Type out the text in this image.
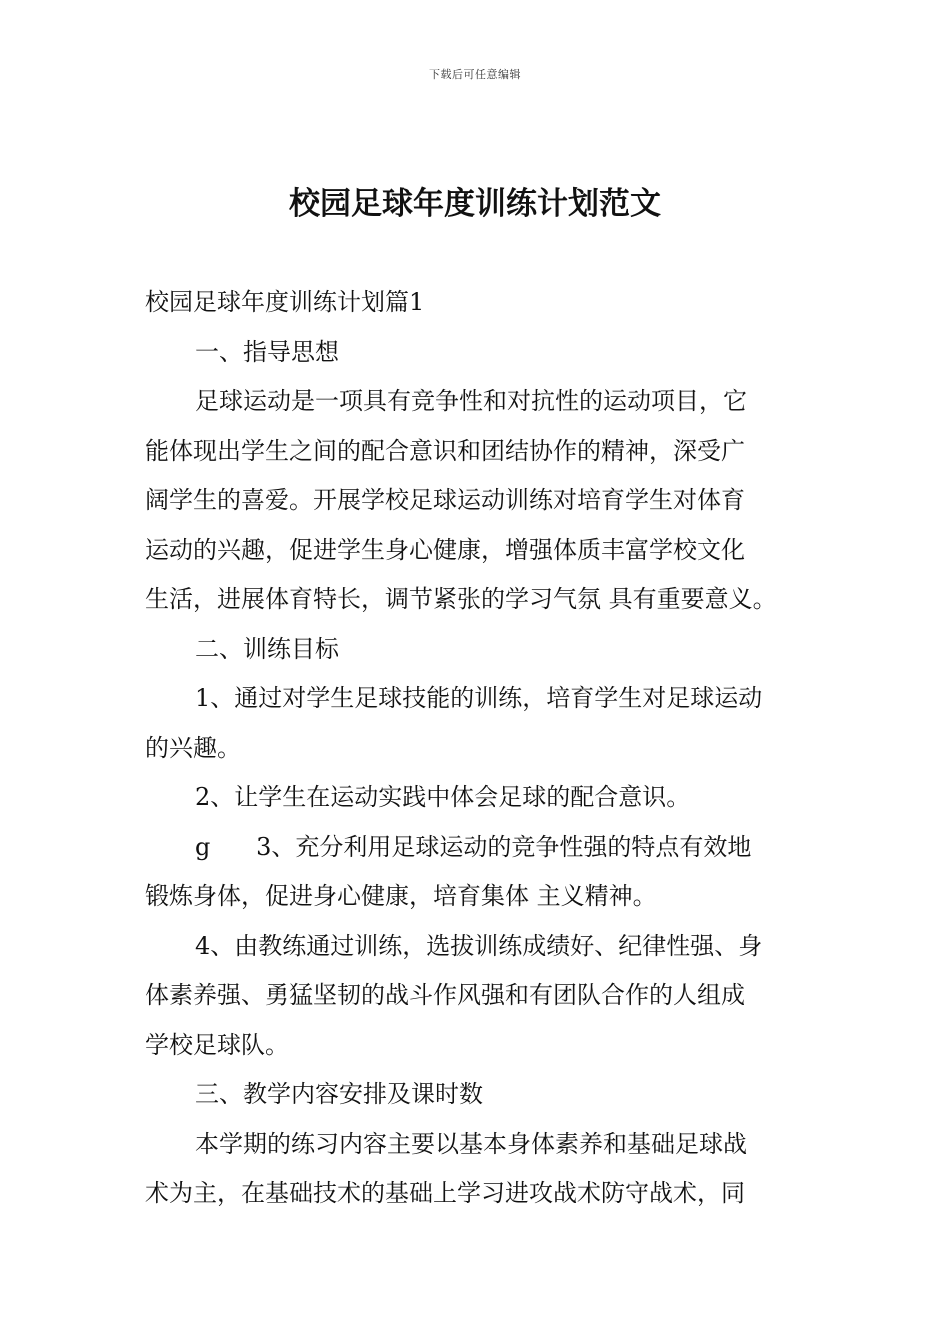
下载后可任意编辑
校园足球年度训练计划范文
校园足球年度训练计划篇1
一、指导思想
足球运动是一项具有竞争性和对抗性的运动项目，它
能体现出学生之间的配合意识和团结协作的精神，深受广
阔学生的喜爱。开展学校足球运动训练对培育学生对体育
运动的兴趣，促进学生身心健康，增强体质丰富学校文化
生活，进展体育特长，调节紧张的学习气氛 具有重要意义。
二、训练目标
1、通过对学生足球技能的训练，培育学生对足球运动
的兴趣。
2、让学生在运动实践中体会足球的配合意识。
g      3、充分利用足球运动的竞争性强的特点有效地
锻炼身体，促进身心健康，培育集体 主义精神。
4、由教练通过训练，选拔训练成绩好、纪律性强、身
体素养强、勇猛坚韧的战斗作风强和有团队合作的人组成
学校足球队。
三、教学内容安排及课时数
本学期的练习内容主要以基本身体素养和基础足球战
术为主，在基础技术的基础上学习进攻战术防守战术，同
